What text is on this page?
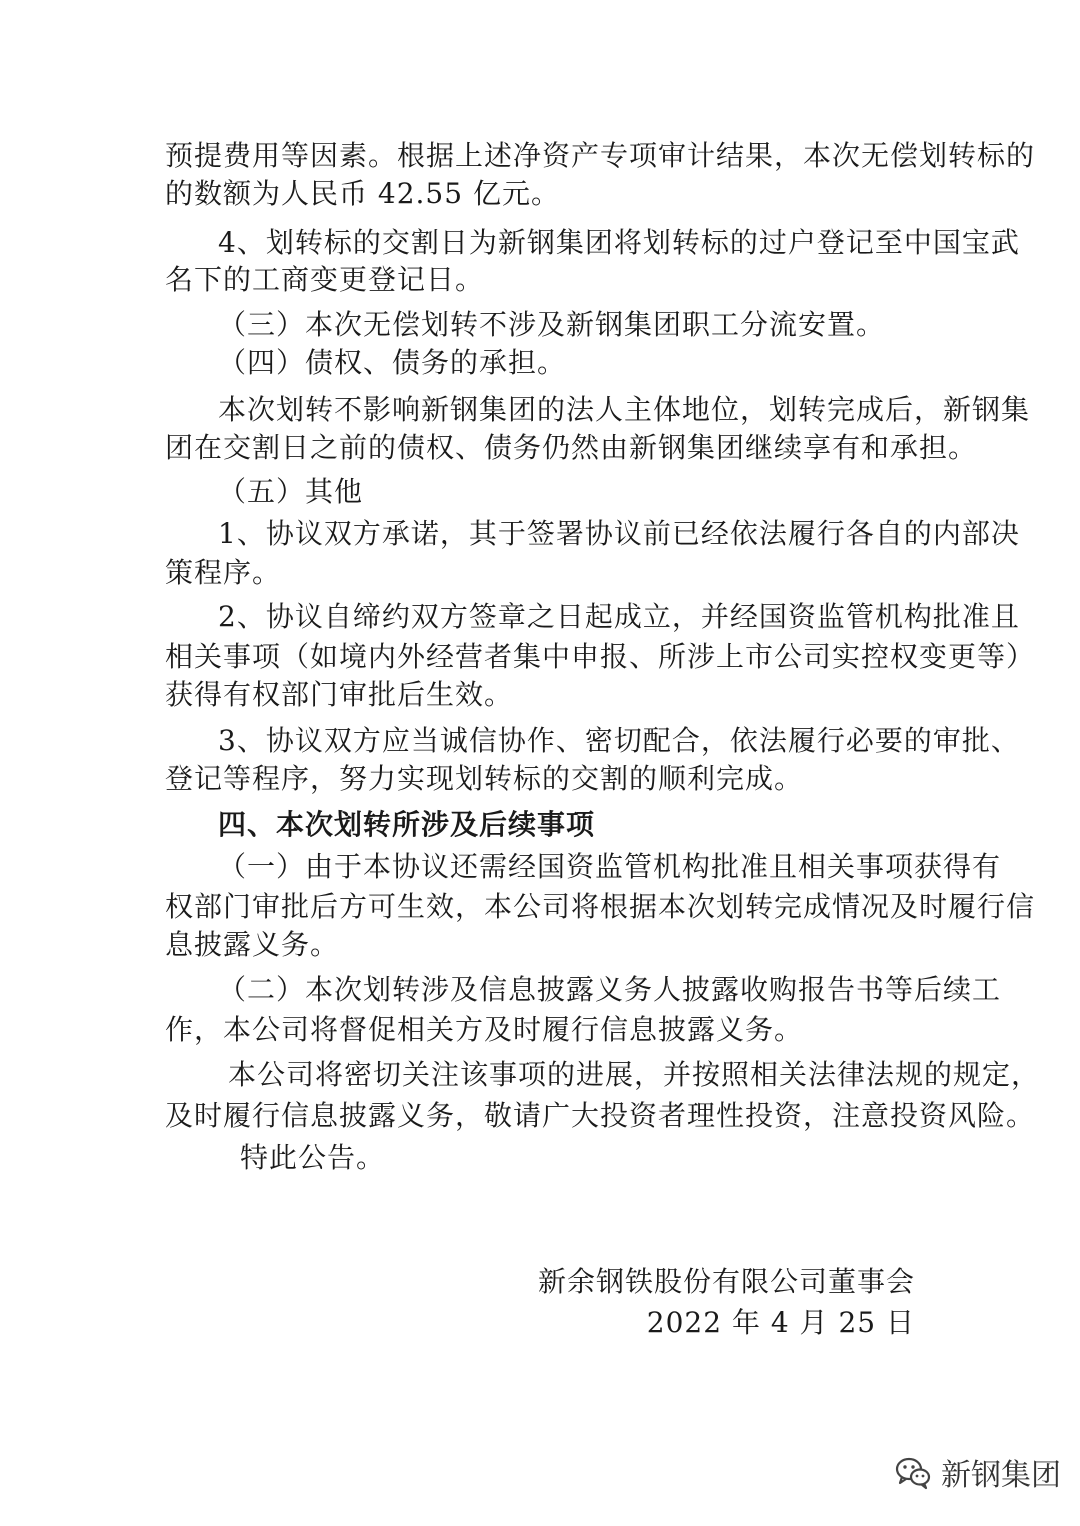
预提费用等因素。根据上述净资产专项审计结果，本次无偿划转标的
的数额为人民币 42.55 亿元。
4、划转标的交割日为新钢集团将划转标的过户登记至中国宝武
名下的工商变更登记日。
（三）本次无偿划转不涉及新钢集团职工分流安置。
（四）债权、债务的承担。
本次划转不影响新钢集团的法人主体地位，划转完成后，新钢集
团在交割日之前的债权、债务仍然由新钢集团继续享有和承担。
（五）其他
1、协议双方承诺，其于签署协议前已经依法履行各自的内部决
策程序。
2、协议自缔约双方签章之日起成立，并经国资监管机构批准且
相关事项（如境内外经营者集中申报、所涉上市公司实控权变更等）
获得有权部门审批后生效。
3、协议双方应当诚信协作、密切配合，依法履行必要的审批、
登记等程序，努力实现划转标的交割的顺利完成。
四、本次划转所涉及后续事项
（一）由于本协议还需经国资监管机构批准且相关事项获得有
权部门审批后方可生效，本公司将根据本次划转完成情况及时履行信
息披露义务。
（二）本次划转涉及信息披露义务人披露收购报告书等后续工
作，本公司将督促相关方及时履行信息披露义务。
本公司将密切关注该事项的进展，并按照相关法律法规的规定，
及时履行信息披露义务，敬请广大投资者理性投资，注意投资风险。
特此公告。
新余钢铁股份有限公司董事会
2022 年 4 月 25 日
新钢集团
